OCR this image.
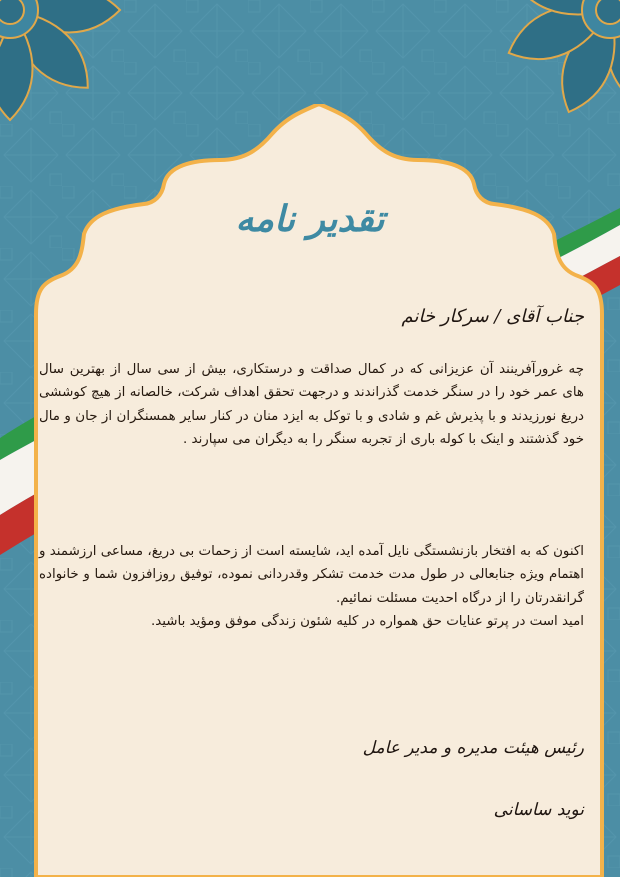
تقدیر نامه
جناب آقای / سرکار خانم
چه غرورآفرینند آن عزیزانی که در کمال صداقت و درستکاری، بیش از سی سال از بهترین سال های عمر خود را در سنگر خدمت گذراندند و درجهت تحقق اهداف شرکت، خالصانه از هیچ کوششی دریغ نورزیدند و با پذیرش غم و شادی و با توکل به ایزد منان در کنار سایر همسنگران از جان و مال خود گذشتند و اینک با کوله باری از تجربه سنگر را به دیگران می سپارند .
اکنون که به افتخار بازنشستگی نایل آمده اید، شایسته است از زحمات بی دریغ، مساعی ارزشمند و اهتمام ویژه جنابعالی در طول مدت خدمت تشکر وقدردانی نموده، توفیق روزافزون شما و خانواده گرانقدرتان را از درگاه احدیت مسئلت نمائیم.
امید است در پرتو عنایات حق همواره در کلیه شئون زندگی موفق ومؤید باشید.
رئیس هیئت مدیره و مدیر عامل
نوید ساسانی
